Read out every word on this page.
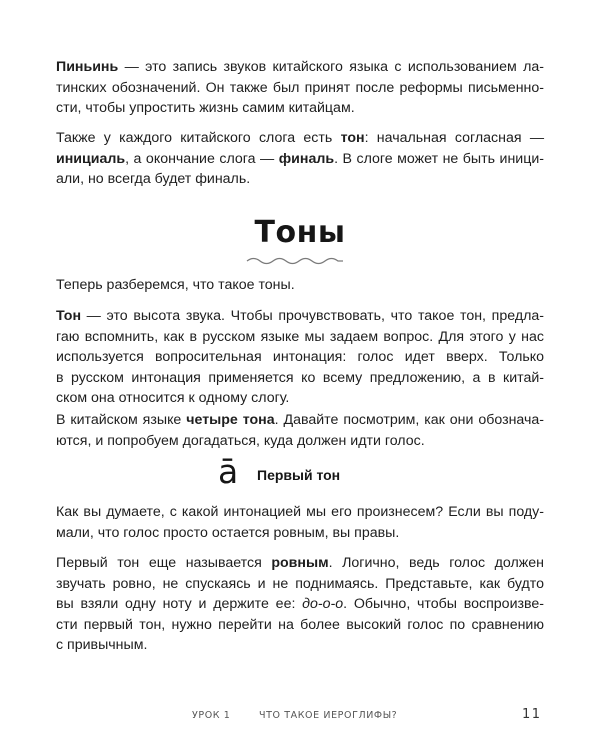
Пиньинь — это запись звуков китайского языка с использованием ла-
тинских обозначений. Он также был принят после реформы письменно-
сти, чтобы упростить жизнь самим китайцам.

Также у каждого китайского слога есть тон: начальная согласная —
инициаль, а окончание слога — финаль. В слоге может не быть иници-
али, но всегда будет финаль.

Тоны

Теперь разберемся, что такое тоны.

Тон — это высота звука. Чтобы прочувствовать, что такое тон, предла-
гаю вспомнить, как в русском языке мы задаем вопрос. Для этого у нас
используется вопросительная интонация: голос идет вверх. Только
в русском интонация применяется ко всему предложению, а в китай-
ском она относится к одному слогу.

В китайском языке четыре тона. Давайте посмотрим, как они обознача-
ются, и попробуем догадаться, куда должен идти голос.

ā Первый тон

Как вы думаете, с какой интонацией мы его произнесем? Если вы поду-
мали, что голос просто остается ровным, вы правы.

Первый тон еще называется ровным. Логично, ведь голос должен
звучать ровно, не спускаясь и не поднимаясь. Представьте, как будто
вы взяли одну ноту и держите ее: до-о-о. Обычно, чтобы воспроизве-
сти первый тон, нужно перейти на более высокий голос по сравнению
с привычным.

УРОК 1	ЧТО ТАКОЕ ИЕРОГЛИФЫ?	11
